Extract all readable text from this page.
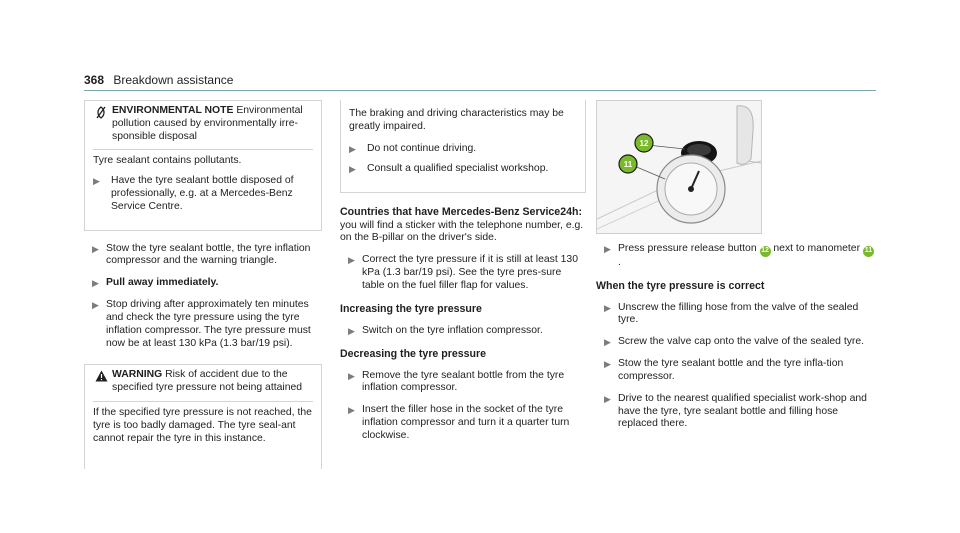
368 Breakdown assistance
ENVIRONMENTAL NOTE Environmental pollution caused by environmentally irre-sponsible disposal

Tyre sealant contains pollutants.

▶	Have the tyre sealant bottle disposed of professionally, e.g. at a Mercedes-Benz Service Centre.
▶ Stow the tyre sealant bottle, the tyre inflation compressor and the warning triangle.
▶ Pull away immediately.
▶ Stop driving after approximately ten minutes and check the tyre pressure using the tyre inflation compressor. The tyre pressure must now be at least 130 kPa (1.3 bar/19 psi).
WARNING Risk of accident due to the specified tyre pressure not being attained

If the specified tyre pressure is not reached, the tyre is too badly damaged. The tyre seal-ant cannot repair the tyre in this instance.

The braking and driving characteristics may be greatly impaired.

▶	Do not continue driving.
▶	Consult a qualified specialist workshop.
Countries that have Mercedes-Benz Service24h:

you will find a sticker with the telephone number, e.g. on the B-pillar on the driver's side.

▶ Correct the tyre pressure if it is still at least 130 kPa (1.3 bar/19 psi). See the tyre pres-sure table on the fuel filler flap for values.
Increasing the tyre pressure
▶ Switch on the tyre inflation compressor.
Decreasing the tyre pressure
▶ Remove the tyre sealant bottle from the tyre inflation compressor.
▶ Insert the filler hose in the socket of the tyre inflation compressor and turn it a quarter turn clockwise.
12
11
▶ Press pressure release button 12 next to manometer 11.
When the tyre pressure is correct
▶ Unscrew the filling hose from the valve of the sealed tyre.
▶ Screw the valve cap onto the valve of the sealed tyre.
▶ Stow the tyre sealant bottle and the tyre infla-tion compressor.
▶ Drive to the nearest qualified specialist work-shop and have the tyre, tyre sealant bottle and filling hose replaced there.
